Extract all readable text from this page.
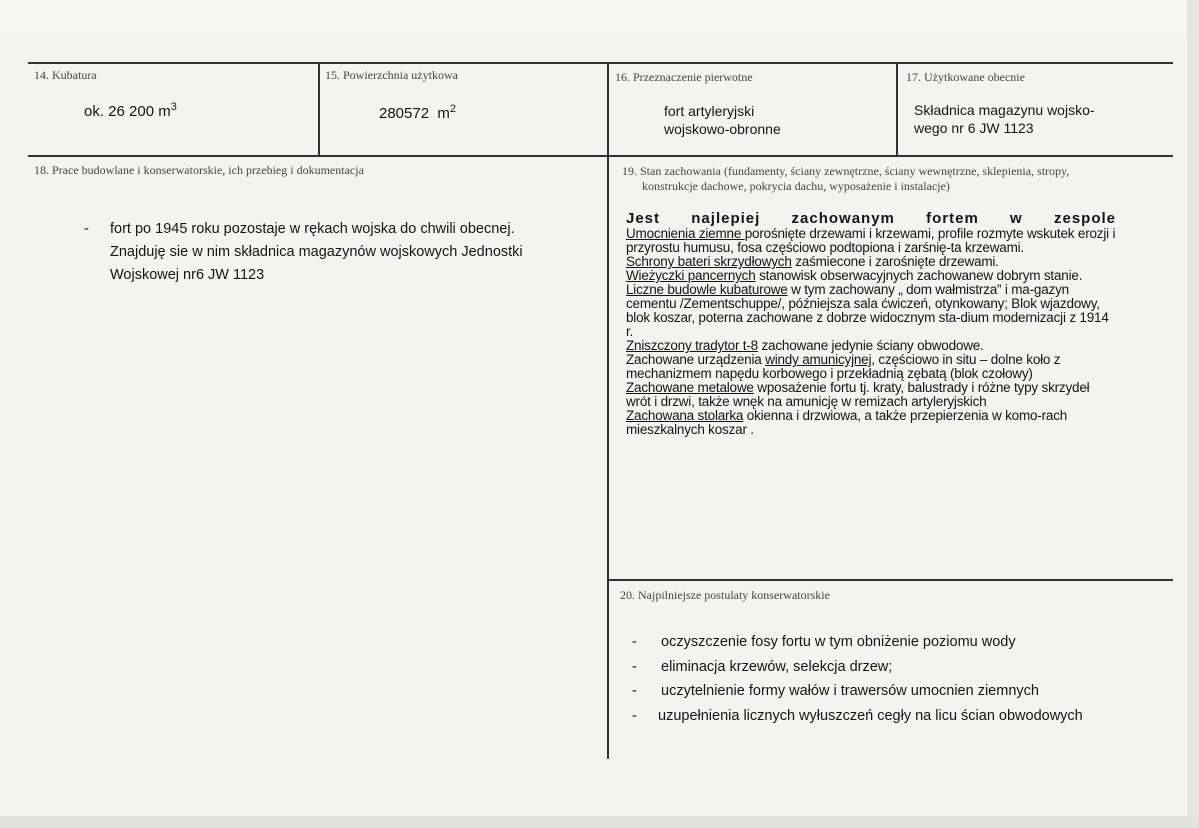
14. Kubatura
ok. 26 200 $m^3$
15. Powierzchnia użytkowa
280572  $m^2$
16. Przeznaczenie pierwotne
fort artyleryjski
wojskowo-obronne
17. Użytkowane obecnie
Składnica magazynu wojsko-
wego nr 6 JW 1123
18. Prace budowlane i konserwatorskie, ich przebieg i dokumentacja
- fort po 1945 roku pozostaje w rękach wojska do chwili obecnej.
Znajduję sie w nim składnica magazynów wojskowych Jednostki
Wojskowej nr6 JW 1123
19. Stan zachowania (fundamenty, ściany zewnętrzne, ściany wewnętrzne, sklepienia, stropy,
konstrukcje dachowe, pokrycia dachu, wyposażenie i instalacje)

Jest najlepiej zachowanym fortem w zespole

Umocnienia ziemne porośnięte drzewami i krzewami, profile rozmyte wskutek erozji i przyrostu humusu, fosa częściowo podtopiona i zarśnię-ta krzewami.

Schrony bateri skrzydłowych zaśmiecone i zarośnięte drzewami.

Wieżyczki pancernych stanowisk obserwacyjnych zachowanew dobrym stanie.

Liczne budowle kubaturowe w tym zachowany „ dom wałmistrza” i ma-gazyn cementu /Zementschuppe/, późniejsza sala ćwiczeń, otynkowany; Blok wjazdowy, blok koszar, poterna zachowane z dobrze widocznym sta-dium modernizacji z 1914 r.

Zniszczony tradytor t-8 zachowane jedynie ściany obwodowe.

Zachowane urządzenia windy amunicyjnej, częściowo in situ – dolne koło z mechanizmem napędu korbowego i przekładnią zębatą (blok czołowy)

Zachowane metalowe wposażenie fortu tj. kraty, balustrady i różne typy skrzydeł wrót i drzwi, także wnęk na amunicję w remizach artyleryjskich

Zachowana stolarka okienna i drzwiowa, a także przepierzenia w komo-rach mieszkalnych koszar .

20. Najpilniejsze postulaty konserwatorskie
- oczyszczenie fosy fortu w tym obniżenie poziomu wody
- eliminacja krzewów, selekcja drzew;
- uczytelnienie formy wałów i trawersów umocnien ziemnych
- uzupełnienia licznych wyłuszczeń cegły na licu ścian obwodowych
